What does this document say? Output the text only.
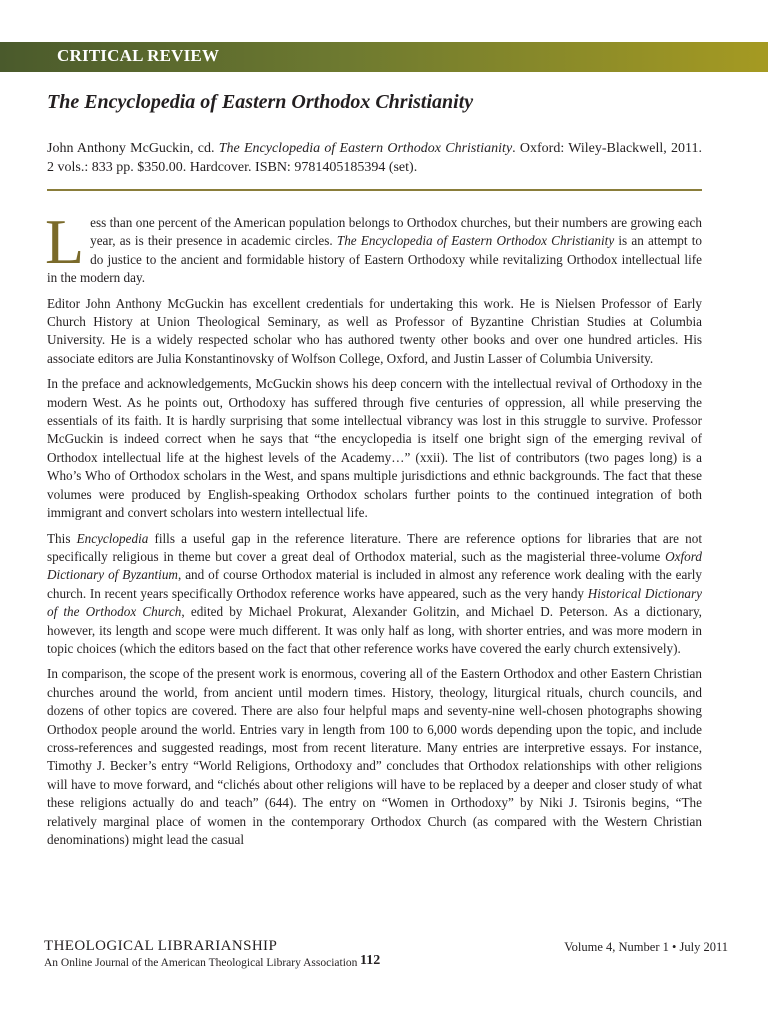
CRITICAL REVIEW
The Encyclopedia of Eastern Orthodox Christianity

John Anthony McGuckin, cd. The Encyclopedia of Eastern Orthodox Christianity. Oxford: Wiley-Blackwell, 2011. 2 vols.: 833 pp. $350.00. Hardcover. ISBN: 9781405185394 (set).

Less than one percent of the American population belongs to Orthodox churches, but their numbers are growing each year, as is their presence in academic circles. The Encyclopedia of Eastern Orthodox Christianity is an attempt to do justice to the ancient and formidable history of Eastern Orthodoxy while revitalizing Orthodox intellectual life in the modern day.

Editor John Anthony McGuckin has excellent credentials for undertaking this work. He is Nielsen Professor of Early Church History at Union Theological Seminary, as well as Professor of Byzantine Christian Studies at Columbia University. He is a widely respected scholar who has authored twenty other books and over one hundred articles. His associate editors are Julia Konstantinovsky of Wolfson College, Oxford, and Justin Lasser of Columbia University.

In the preface and acknowledgements, McGuckin shows his deep concern with the intellectual revival of Orthodoxy in the modern West. As he points out, Orthodoxy has suffered through five centuries of oppression, all while preserving the essentials of its faith. It is hardly surprising that some intellectual vibrancy was lost in this struggle to survive. Professor McGuckin is indeed correct when he says that “the encyclopedia is itself one bright sign of the emerging revival of Orthodox intellectual life at the highest levels of the Academy…” (xxii). The list of contributors (two pages long) is a Who’s Who of Orthodox scholars in the West, and spans multiple jurisdictions and ethnic backgrounds. The fact that these volumes were produced by English-speaking Orthodox scholars further points to the continued integration of both immigrant and convert scholars into western intellectual life.

This Encyclopedia fills a useful gap in the reference literature. There are reference options for libraries that are not specifically religious in theme but cover a great deal of Orthodox material, such as the magisterial three-volume Oxford Dictionary of Byzantium, and of course Orthodox material is included in almost any reference work dealing with the early church. In recent years specifically Orthodox reference works have appeared, such as the very handy Historical Dictionary of the Orthodox Church, edited by Michael Prokurat, Alexander Golitzin, and Michael D. Peterson. As a dictionary, however, its length and scope were much different. It was only half as long, with shorter entries, and was more modern in topic choices (which the editors based on the fact that other reference works have covered the early church extensively).

In comparison, the scope of the present work is enormous, covering all of the Eastern Orthodox and other Eastern Christian churches around the world, from ancient until modern times. History, theology, liturgical rituals, church councils, and dozens of other topics are covered. There are also four helpful maps and seventy-nine well-chosen photographs showing Orthodox people around the world. Entries vary in length from 100 to 6,000 words depending upon the topic, and include cross-references and suggested readings, most from recent literature. Many entries are interpretive essays. For instance, Timothy J. Becker’s entry “World Religions, Orthodoxy and” concludes that Orthodox relationships with other religions will have to move forward, and “clichés about other religions will have to be replaced by a deeper and closer study of what these religions actually do and teach” (644). The entry on “Women in Orthodoxy” by Niki J. Tsironis begins, “The relatively marginal place of women in the contemporary Orthodox Church (as compared with the Western Christian denominations) might lead the casual

THEOLOGICAL LIBRARIANSHIP
An Online Journal of the American Theological Library Association 112
Volume 4, Number 1 • July 2011
